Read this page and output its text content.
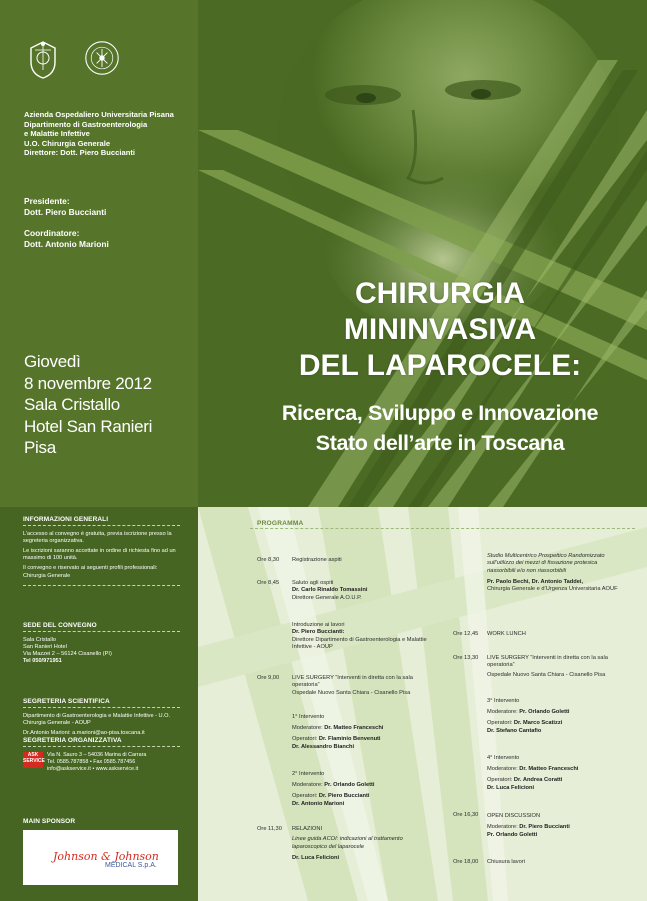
Azienda Ospedaliero Universitaria Pisana
Dipartimento di Gastroenterologia
e Malattie Infettive
U.O. Chirurgia Generale
Direttore: Dott. Piero Buccianti
Presidente:
Dott. Piero Buccianti
Coordinatore:
Dott. Antonio Marioni
Giovedì
8 novembre 2012
Sala Cristallo
Hotel San Ranieri
Pisa
CHIRURGIA
MININVASIVA
DEL LAPAROCELE:
Ricerca, Sviluppo e Innovazione
Stato dell’arte in Toscana
INFORMAZIONI GENERALI

L’accesso al convegno è gratuita, previa iscrizione presso la segreteria organizzativa.

Le iscrizioni saranno accettate in ordine di richiesta fino ad un massimo di 100 unità.

Il convegno e riservato ai seguenti profili professionali: Chirurgia Generale

SEDE DEL CONVEGNO
Sala Cristallo
San Ranieri Hotel
Via Mazzei 2 – 56124 Cisanello (PI)
Tel 050/971951
SEGRETERIA SCIENTIFICA

Dipartimento di Gastroenterologia e Malattie Infettive - U.O. Chirurgia Generale - AOUP

Dr.Antonio Marioni: a.marioni@ao-pisa.toscana.it

SEGRETERIA ORGANIZZATIVA
ASK SERVICE
Via N. Sauro 3 – 54036 Marina di Carrara
Tel. 0585.787858 • Fax 0585.787456
info@askservice.it • www.askservice.it
MAIN SPONSOR
Johnson & Johnson
MEDICAL S.p.A.
PROGRAMMA
Ore 8,30 Registrazione aspiti
Ore 8,45 Saluto agli ospiti
Dr. Carlo Rinaldo Tomassini
Direttore Generale A.O.U.P.
Introduzione ai lavori
Dr. Piero Buccianti:
Direttore Dipartimento di Gastroenterologia e Malattie Infettive - AOUP
Ore 9,00 LIVE SURGERY “Interventi in diretta con la sala operatoria”
Ospedale Nuovo Santa Chiara - Cisanello Pisa
1° Intervento
Moderatore: Dr. Matteo Franceschi
Operatori: Dr. Flaminio Benvenuti
Dr. Alessandro Bianchi
2° Intervento
Moderatore: Pr. Orlando Goletti
Operatori: Dr. Piero Buccianti
Dr. Antonio Marioni
Ore 11,30 RELAZIONI
Linee guida ACOI: indicazioni al trattamento laparoscopico del laparocele
Dr. Luca Felicioni
Studio Multicentrico Prospettico Randomizzato sull’utilizzo dei mezzi di fissazione protesica riassorbibili e/o non riassorbibili
Pr. Paolo Bechi, Dr. Antonio Taddei,
Chirurgia Generale e d’Urgenza Universitaria AOUF
Ore 12,45 WORK LUNCH
Ore 13,30 LIVE SURGERY “Interventi in diretta con la sala operatoria”
Ospedale Nuovo Santa Chiara - Cisanello Pisa
3° Intervento
Moderatore: Pr. Orlando Goletti
Operatori: Dr. Marco Scatizzi
Dr. Stefano Cantafio
4° Intervento
Moderatore: Dr. Matteo Franceschi
Operatori: Dr. Andrea Coratti
Dr. Luca Felicioni
Ore 16,30 OPEN DISCUSSION
Moderatore: Dr. Piero Buccianti
Pr. Orlando Goletti
Ore 18,00 Chiusura lavori
